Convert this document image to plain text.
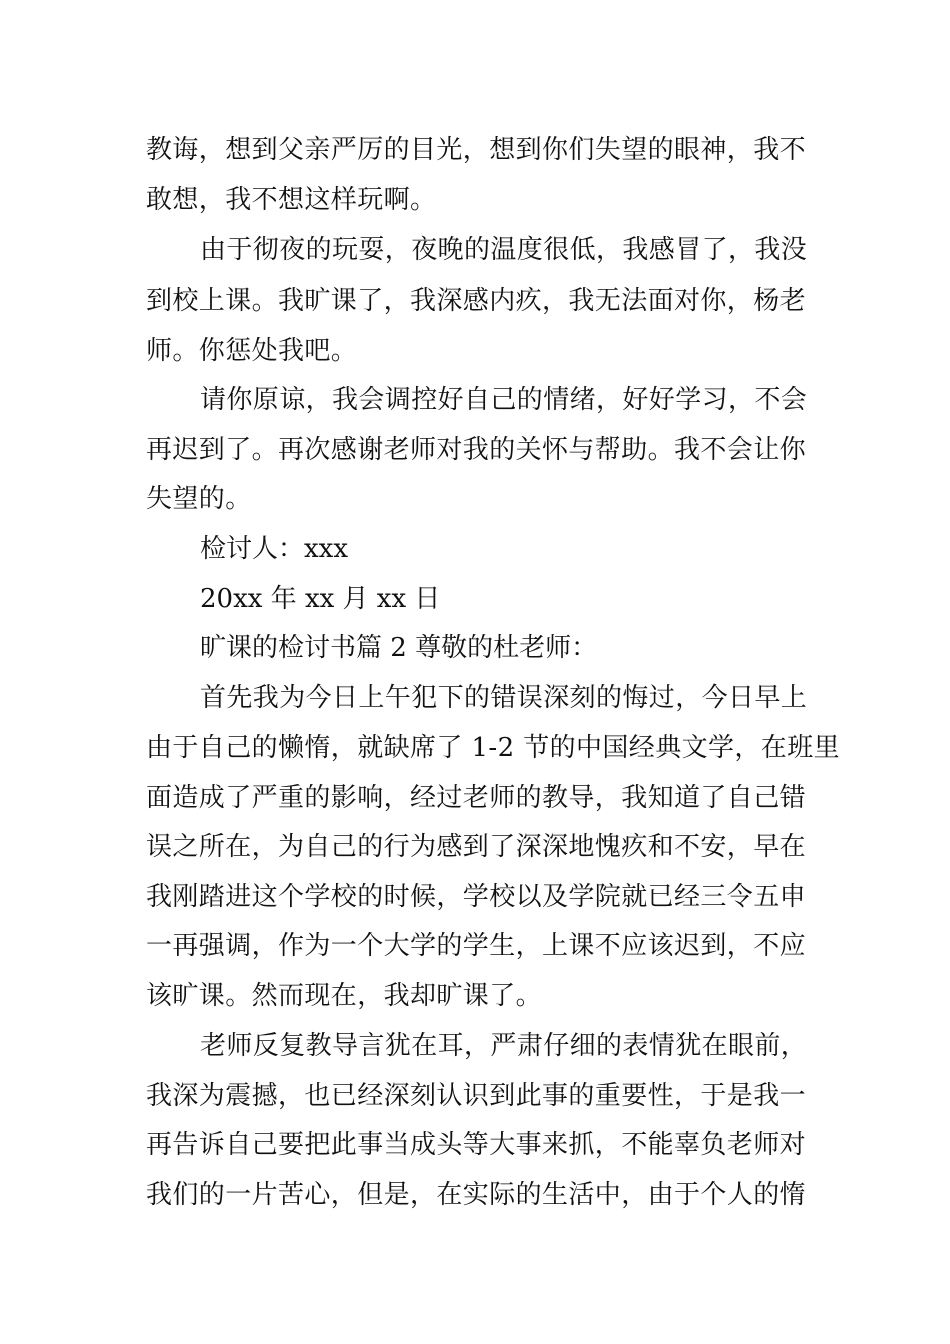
教诲，想到父亲严厉的目光，想到你们失望的眼神，我不
敢想，我不想这样玩啊。
由于彻夜的玩耍，夜晚的温度很低，我感冒了，我没
到校上课。我旷课了，我深感内疚，我无法面对你，杨老
师。你惩处我吧。
请你原谅，我会调控好自己的情绪，好好学习，不会
再迟到了。再次感谢老师对我的关怀与帮助。我不会让你
失望的。
检讨人：xxx
20xx 年 xx 月 xx 日
旷课的检讨书篇 2 尊敬的杜老师：
首先我为今日上午犯下的错误深刻的悔过，今日早上
由于自己的懒惰，就缺席了 1-2 节的中国经典文学，在班里
面造成了严重的影响，经过老师的教导，我知道了自己错
误之所在，为自己的行为感到了深深地愧疚和不安，早在
我刚踏进这个学校的时候，学校以及学院就已经三令五申
一再强调，作为一个大学的学生，上课不应该迟到，不应
该旷课。然而现在，我却旷课了。
老师反复教导言犹在耳，严肃仔细的表情犹在眼前，
我深为震撼，也已经深刻认识到此事的重要性，于是我一
再告诉自己要把此事当成头等大事来抓，不能辜负老师对
我们的一片苦心，但是，在实际的生活中，由于个人的惰
